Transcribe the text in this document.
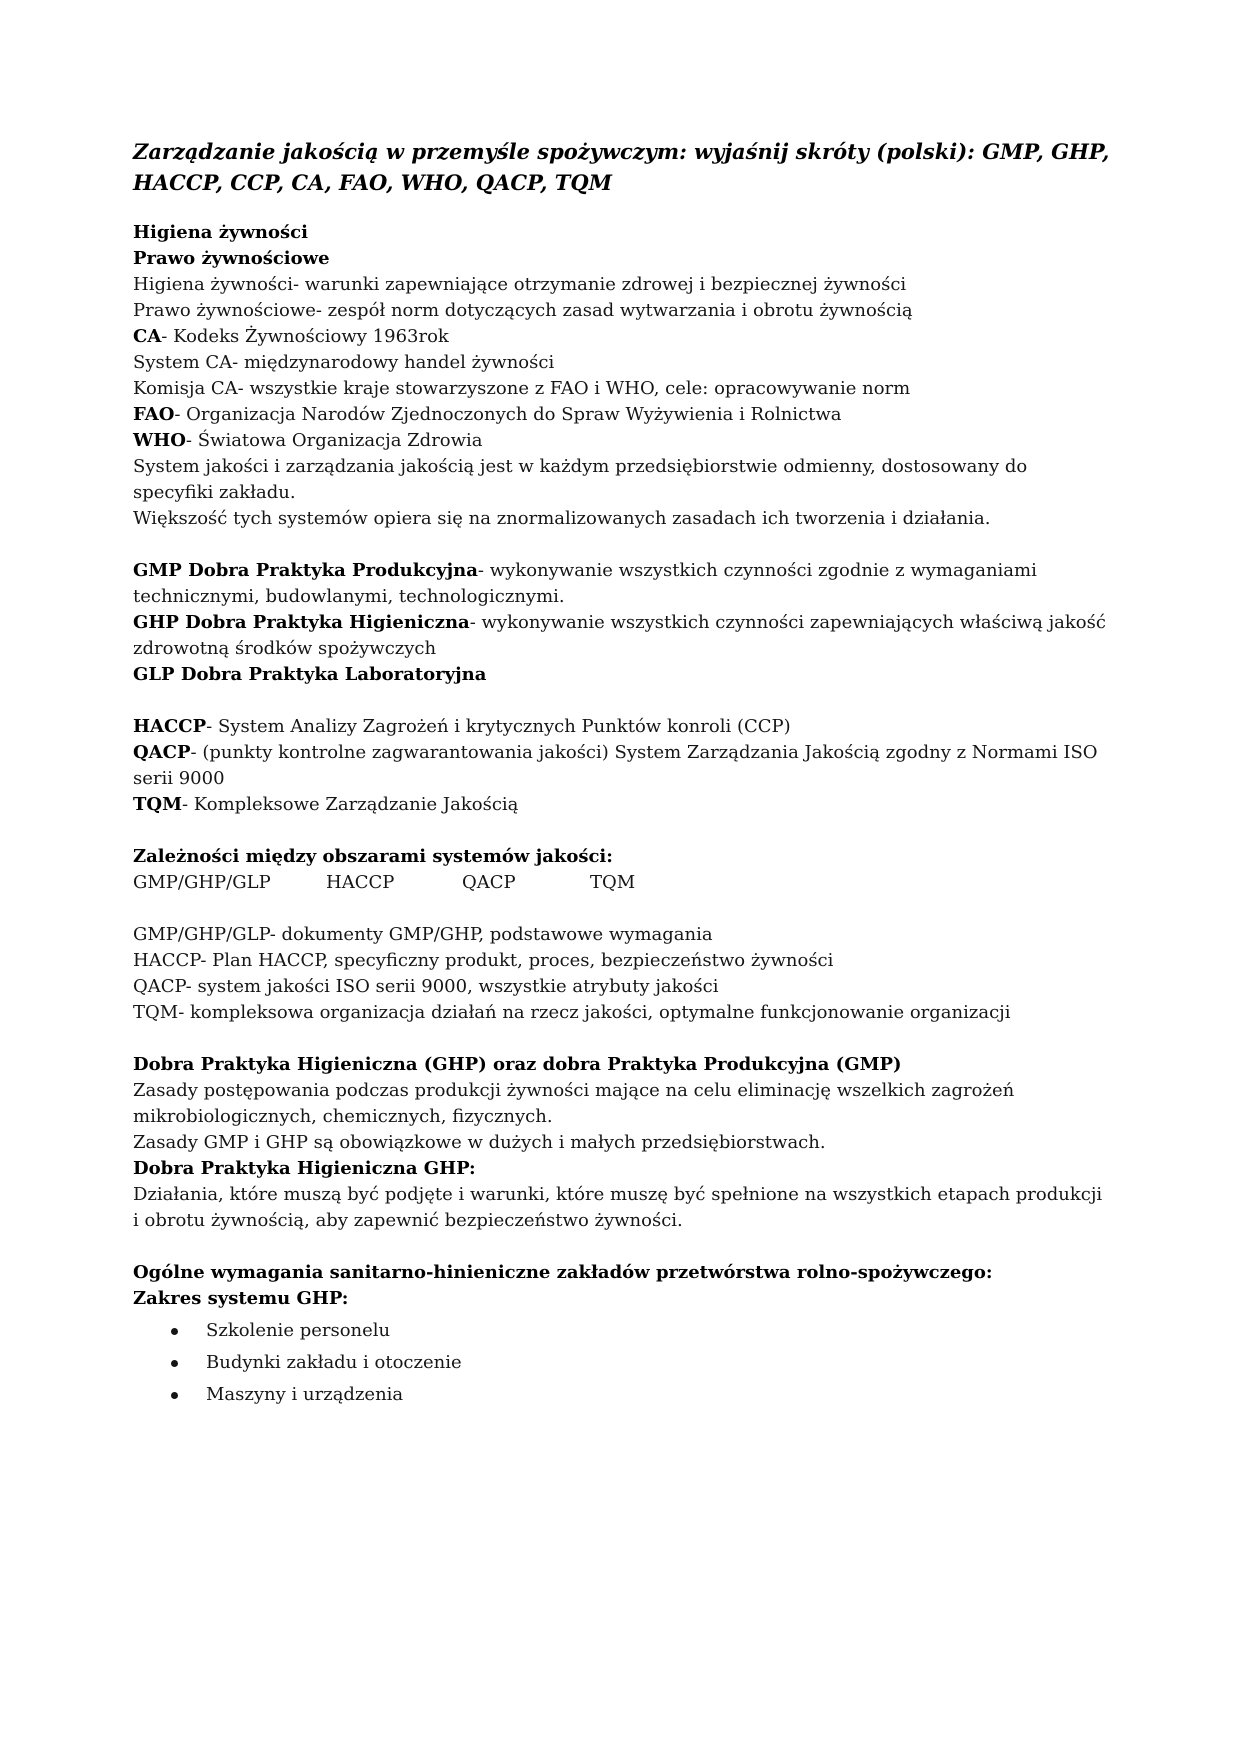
Zarządzanie jakością w przemyśle spożywczym: wyjaśnij skróty (polski): GMP, GHP, HACCP, CCP, CA, FAO, WHO, QACP, TQM
Higiena żywności
Prawo żywnościowe
Higiena żywności- warunki zapewniające otrzymanie zdrowej i bezpiecznej żywności
Prawo żywnościowe- zespół norm dotyczących zasad wytwarzania i obrotu żywnością
CA- Kodeks Żywnościowy 1963rok
System CA- międzynarodowy handel żywności
Komisja CA- wszystkie kraje stowarzyszone z FAO i WHO, cele: opracowywanie norm
FAO- Organizacja Narodów Zjednoczonych do Spraw Wyżywienia i Rolnictwa
WHO- Światowa Organizacja Zdrowia
System jakości i zarządzania jakością jest w każdym przedsiębiorstwie odmienny, dostosowany do specyfiki zakładu.
Większość tych systemów opiera się na znormalizowanych zasadach ich tworzenia i działania.
GMP Dobra Praktyka Produkcyjna- wykonywanie wszystkich czynności zgodnie z wymaganiami technicznymi, budowlanymi, technologicznymi.
GHP Dobra Praktyka Higieniczna- wykonywanie wszystkich czynności zapewniających właściwą jakość zdrowotną środków spożywczych
GLP Dobra Praktyka Laboratoryjna
HACCP- System Analizy Zagrożeń i krytycznych Punktów konroli (CCP)
QACP- (punkty kontrolne zagwarantowania jakości) System Zarządzania Jakością zgodny z Normami ISO serii 9000
TQM- Kompleksowe Zarządzanie Jakością
Zależności między obszarami systemów jakości:
GMP/GHP/GLP	HACCP	QACP	TQM
GMP/GHP/GLP- dokumenty GMP/GHP, podstawowe wymagania
HACCP- Plan HACCP, specyficzny produkt, proces, bezpieczeństwo żywności
QACP- system jakości ISO serii 9000, wszystkie atrybuty jakości
TQM- kompleksowa organizacja działań na rzecz jakości, optymalne funkcjonowanie organizacji
Dobra Praktyka Higieniczna (GHP) oraz dobra Praktyka Produkcyjna (GMP)
Zasady postępowania podczas produkcji żywności mające na celu eliminację wszelkich zagrożeń mikrobiologicznych, chemicznych, fizycznych.
Zasady GMP i GHP są obowiązkowe w dużych i małych przedsiębiorstwach.
Dobra Praktyka Higieniczna GHP:
Działania, które muszą być podjęte i warunki, które muszę być spełnione na wszystkich etapach produkcji i obrotu żywnością, aby zapewnić bezpieczeństwo żywności.
Ogólne wymagania sanitarno-hinieniczne zakładów przetwórstwa rolno-spożywczego:
Zakres systemu GHP:
Szkolenie personelu
Budynki zakładu i otoczenie
Maszyny i urządzenia
